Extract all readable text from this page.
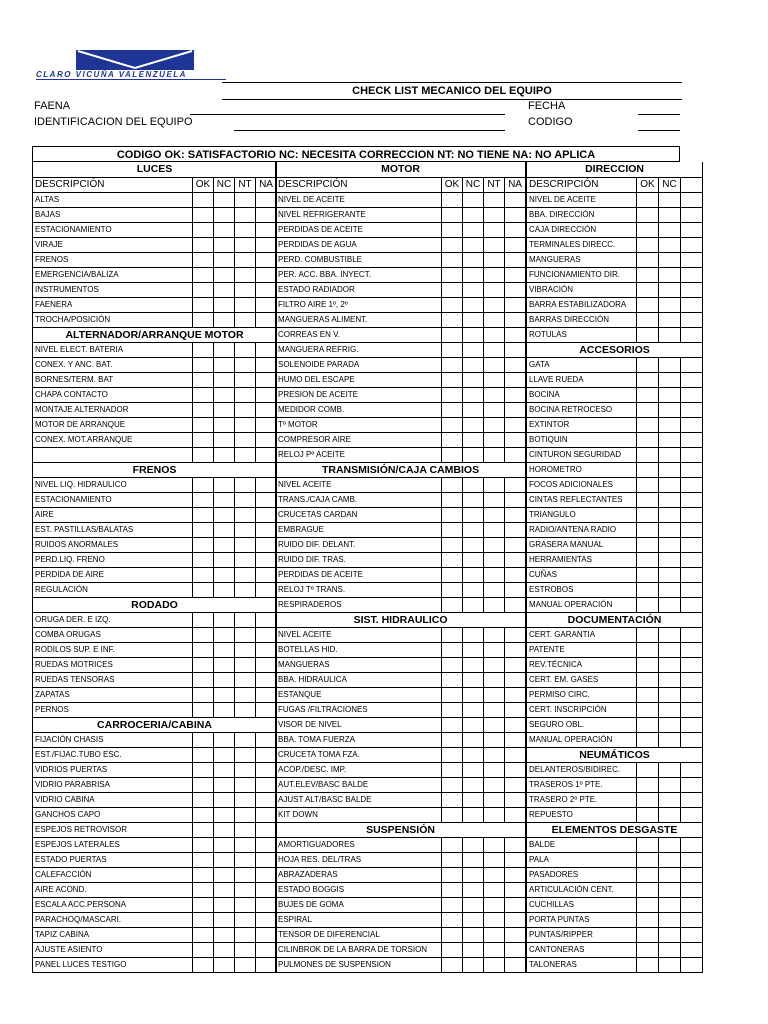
CLARO VICUÑA VALENZUELA
CHECK LIST MECANICO DEL EQUIPO
FAENA
IDENTIFICACION DEL EQUIPO
FECHA
CODIGO
CODIGO OK: SATISFACTORIO NC: NECESITA CORRECCION NT: NO TIENE NA: NO APLICA
LUCES				
DESCRIPCIÓN	OK	NC	NT	NA
ALTAS				
BAJAS				
ESTACIONAMIENTO				
VIRAJE				
FRENOS				
EMERGENCIA/BALIZA				
INSTRUMENTOS				
FAENERA				
TROCHA/POSICIÓN				
ALTERNADOR/ARRANQUE MOTOR				
NIVEL ELECT. BATERIA				
CONEX. Y ANC. BAT.				
BORNES/TERM. BAT				
CHAPA CONTACTO				
MONTAJE ALTERNADOR				
MOTOR DE ARRANQUE				
CONEX. MOT.ARRANQUE				

FRENOS				
NIVEL LIQ. HIDRAULICO				
ESTACIONAMIENTO				
AIRE				
EST. PASTILLAS/BALATAS				
RUIDOS ANORMALES				
PERD.LIQ. FRENO				
PERDIDA DE AIRE				
REGULACIÓN				
RODADO				
ORUGA DER. E IZQ.				
COMBA ORUGAS				
RODILOS SUP. E INF.				
RUEDAS MOTRICES				
RUEDAS TENSORAS				
ZAPATAS				
PERNOS				
CARROCERIA/CABINA				
FIJACIÓN CHASIS				
EST./FIJAC.TUBO ESC.				
VIDRIOS PUERTAS				
VIDRIO PARABRISA				
VIDRIO CABINA				
GANCHOS CAPO				
ESPEJOS RETROVISOR				
ESPEJOS LATERALES				
ESTADO PUERTAS				
CALEFACCIÓN				
AIRE ACOND.				
ESCALA ACC.PERSONA				
PARACHOQ/MASCARI.				
TAPIZ CABINA				
AJUSTE ASIENTO				
PANEL LUCES TESTIGO				
MOTOR				
DESCRIPCIÓN	OK	NC	NT	NA
NIVEL DE ACEITE				
NIVEL REFRIGERANTE				
PERDIDAS DE ACEITE				
PERDIDAS DE AGUA				
PERD. COMBUSTIBLE				
PER. ACC. BBA. INYECT.				
ESTADO RADIADOR				
FILTRO AIRE 1º, 2º				
MANGUERAS ALIMENT.				
CORREAS EN V.				
MANGUERA REFRIG.				
SOLENOIDE PARADA				
HUMO DEL ESCAPE				
PRESION DE ACEITE				
MEDIDOR COMB.				
Tº MOTOR				
COMPRESOR AIRE				
RELOJ Pº ACEITE				
TRANSMISIÓN/CAJA CAMBIOS				
NIVEL ACEITE				
TRANS./CAJA CAMB.				
CRUCETAS CARDAN				
EMBRAGUE				
RUIDO DIF. DELANT.				
RUIDO DIF. TRAS.				
PERDIDAS DE ACEITE				
RELOJ Tº TRANS.				
RESPIRADEROS				
SIST. HIDRAULICO				
NIVEL ACEITE				
BOTELLAS HID.				
MANGUERAS				
BBA. HIDRAULICA				
ESTANQUE				
FUGAS /FILTRACIONES				
VISOR DE NIVEL				
BBA. TOMA FUERZA				
CRUCETA TOMA FZA.				
ACOP./DESC. IMP.				
AUT.ELEV/BASC BALDE				
AJUST ALT/BASC BALDE				
KIT DOWN				
SUSPENSIÓN				
AMORTIGUADORES				
HOJA RES. DEL/TRAS				
ABRAZADERAS				
ESTADO BOGGIS				
BUJES DE GOMA				
ESPIRAL				
TENSOR DE DIFERENCIAL				
CILINBROK DE LA BARRA DE TORSION				
PULMONES DE SUSPENSION				
DIRECCION			
DESCRIPCIÓN	OK	NC	
NIVEL DE ACEITE			
BBA. DIRECCIÓN			
CAJA DIRECCIÓN			
TERMINALES DIRECC.			
MANGUERAS			
FUNCIONAMIENTO DIR.			
VIBRACIÓN			
BARRA ESTABILIZADORA			
BARRAS DIRECCIÓN			
ROTULAS			
ACCESORIOS			
GATA			
LLAVE RUEDA			
BOCINA			
BOCINA RETROCESO			
EXTINTOR			
BOTIQUIN			
CINTURON SEGURIDAD			
HOROMETRO			
FOCOS ADICIONALES			
CINTAS REFLECTANTES			
TRIANGULO			
RADIO/ANTENA RADIO			
GRASERA MANUAL			
HERRAMIENTAS			
CUÑAS			
ESTROBOS			
MANUAL OPERACIÓN			
DOCUMENTACIÓN			
CERT. GARANTIA			
PATENTE			
REV.TÉCNICA			
CERT. EM. GASES			
PERMISO CIRC.			
CERT. INSCRIPCIÓN			
SEGURO OBL.			
MANUAL OPERACIÓN			
NEUMÁTICOS			
DELANTEROS/BIDIREC.			
TRASEROS 1º PTE.			
TRASERO 2º PTE.			
REPUESTO			
ELEMENTOS DESGASTE			
BALDE			
PALA			
PASADORES			
ARTICULACIÓN CENT.			
CUCHILLAS			
PORTA PUNTAS			
PUNTAS/RIPPER			
CANTONERAS			
TALONERAS			
